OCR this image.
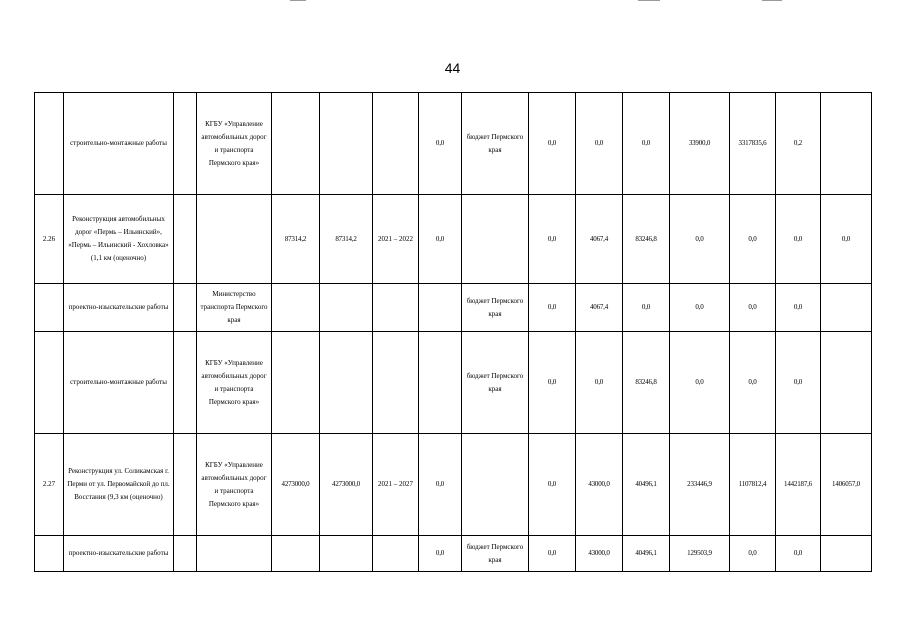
44
	строительно-монтажные работы		КГБУ «Управление автомобильных дорог и транспорта Пермского края»				0,0	бюджет Пермского края	0,0	0,0	0,0	33900,0	3317835,6	0,2	
2.26	Реконструкция автомобильных дорог «Пермь – Ильинский», «Пермь – Ильинский - Хохловка» (1,1 км (оценочно)			87314,2	87314,2	2021 – 2022	0,0		0,0	4067,4	83246,8	0,0	0,0	0,0	0,0
	проектно-изыскательские работы		Министерство транспорта Пермского края					бюджет Пермского края	0,0	4067,4	0,0	0,0	0,0	0,0	
	строительно-монтажные работы		КГБУ «Управление автомобильных дорог и транспорта Пермского края»					бюджет Пермского края	0,0	0,0	83246,8	0,0	0,0	0,0	
2.27	Реконструкция ул. Соликамская г. Перми от ул. Первомайской до пл. Восстания (9,3 км (оценочно)		КГБУ «Управление автомобильных дорог и транспорта Пермского края»	4273000,0	4273000,0	2021 – 2027	0,0		0,0	43000,0	40496,1	233446,9	1107812,4	1442187,6	1406057,0
	проектно-изыскательские работы						0,0	бюджет Пермского края	0,0	43000,0	40496,1	129503,9	0,0	0,0	
